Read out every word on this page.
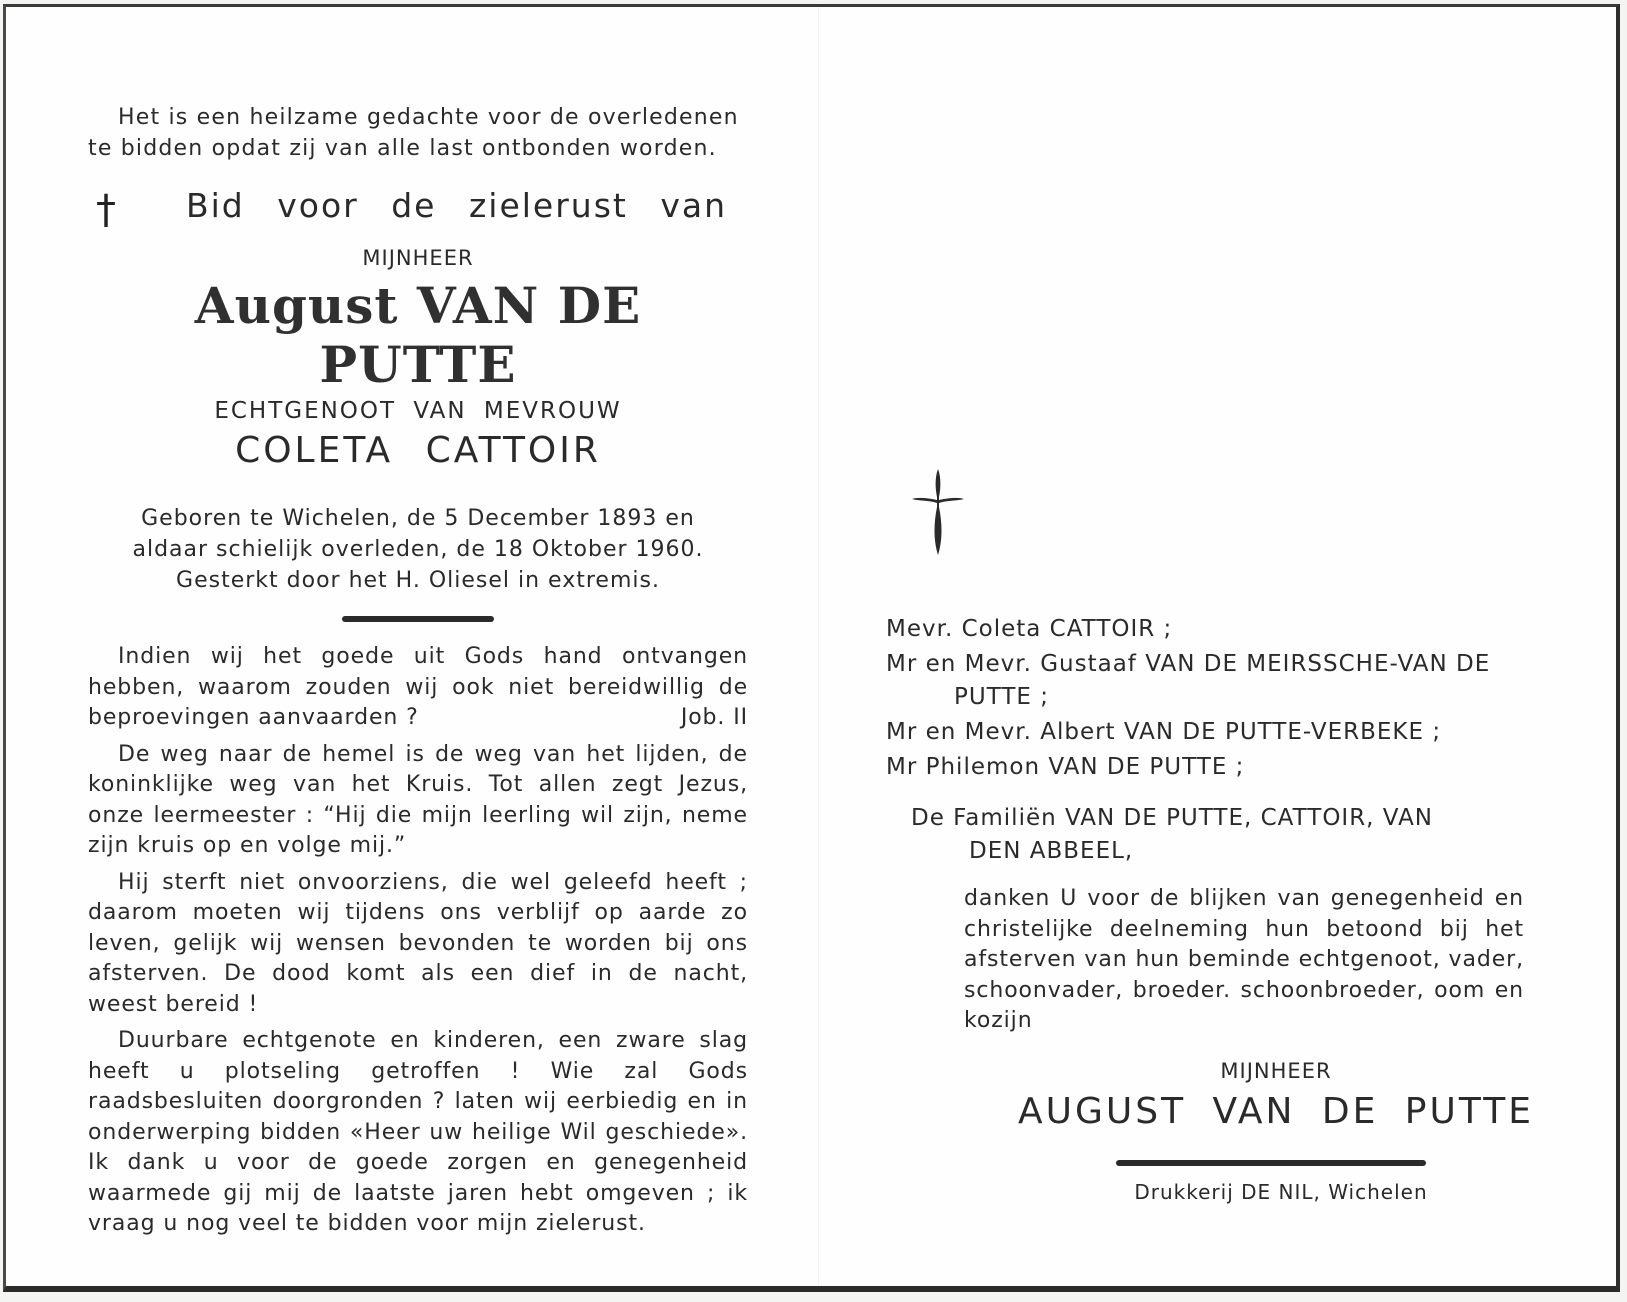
Het is een heilzame gedachte voor de overledenen
te bidden opdat zij van alle last ontbonden worden.
† Bid voor de zielerust van
MIJNHEER
August VAN DE PUTTE
ECHTGENOOT VAN MEVROUW
COLETA CATTOIR
Geboren te Wichelen, de 5 December 1893 en
aldaar schielijk overleden, de 18 Oktober 1960.
Gesterkt door het H. Oliesel in extremis.
Indien wij het goede uit Gods hand ontvangen hebben, waarom zouden wij ook niet bereidwillig de beproevingen aanvaarden ?	Job. II
De weg naar de hemel is de weg van het lijden, de koninklijke weg van het Kruis. Tot allen zegt Jezus, onze leermeester : “Hij die mijn leerling wil zijn, neme zijn kruis op en volge mij.”
Hij sterft niet onvoorziens, die wel geleefd heeft ; daarom moeten wij tijdens ons verblijf op aarde zo leven, gelijk wij wensen bevonden te worden bij ons afsterven. De dood komt als een dief in de nacht, weest bereid !
Duurbare echtgenote en kinderen, een zware slag heeft u plotseling getroffen ! Wie zal Gods raadsbesluiten doorgronden ? laten wij eerbiedig en in onderwerping bidden «Heer uw heilige Wil geschiede». Ik dank u voor de goede zorgen en genegenheid waarmede gij mij de laatste jaren hebt omgeven ; ik vraag u nog veel te bidden voor mijn zielerust.
Mevr. Coleta CATTOIR ;
Mr en Mevr. Gustaaf VAN DE MEIRSSCHE-VAN DE
PUTTE ;
Mr en Mevr. Albert VAN DE PUTTE-VERBEKE ;
Mr Philemon VAN DE PUTTE ;
De Familiën VAN DE PUTTE, CATTOIR, VAN
DEN ABBEEL,
danken U voor de blijken van genegenheid en christelijke deelneming hun betoond bij het afsterven van hun beminde echtgenoot, vader, schoonvader, broeder. schoonbroeder, oom en kozijn
MIJNHEER
AUGUST VAN DE PUTTE
Drukkerij DE NIL, Wichelen
